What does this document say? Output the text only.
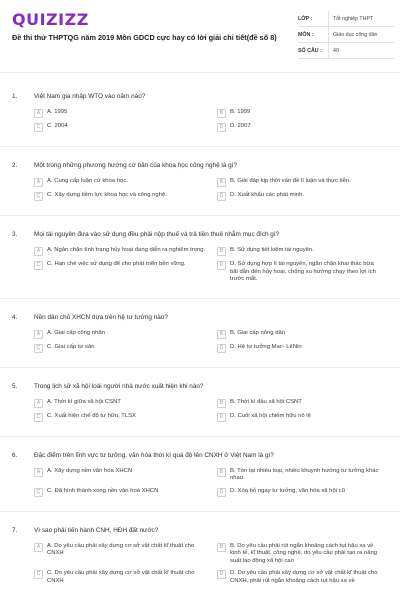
QUIZIZZ
Đề thi thử THPTQG năm 2019 Môn GDCD cực hay có lời giải chi tiết(đề số 8)
LỚP :	Tốt nghiệp THPT
MÔN :	Giáo dục công dân
SỐ CÂU :	40
1.	Việt Nam gia nhập WTO vào năm nào?
A	A. 1995	B	B. 1999
C	C. 2004	D	D. 2007
2.	Một trong những phương hướng cơ bản của khoa học công nghệ là gì?
A	A. Cung cấp luận cứ khoa học.	B	B. Giải đáp kịp thời vấn đề lí luận và thực tiễn.
C	C. Xây dựng tiềm lực khoa học và công nghệ.	D	D. Xuất khẩu các phát minh.
3.	Mọi tài nguyên đưa vào sử dụng đều phải nộp thuế và trả tiền thuê nhằm mục đích gì?
A	A. Ngăn chặn tình trạng hủy hoại đang diễn ra nghiêm trọng.	B	B. Sử dụng tiết kiệm tài nguyên.
C	C. Hạn chế việc sử dụng để cho phát triển bền vững.	D	D. Sử dụng hợp lí tài nguyên, ngăn chặn khai thác bừa bãi dẫn đến hủy hoại, chống xu hướng chạy theo lợi ích trước mắt.
4.	Nền dân chủ XHCN dựa trên hệ tư tưởng nào?
A	A. Giai cấp công nhân	B	B. Giai cấp nông dân
C	C. Giai cấp tư sản	D	D. Hệ tư tưởng Mac- LêNin
5.	Trong lịch sử xã hội loài người nhà nước xuất hiện khi nào?
A	A. Thời kì giữa xã hội CSNT	B	B. Thời kì đầu xã hội CSNT
C	C. Xuất hiện chế độ tư hữu, TLSX	D	D. Cuối xã hội chiếm hữu nô lệ
6.	Đặc điểm trên lĩnh vực tư tưởng, văn hóa thời kì quá độ lên CNXH ở Việt Nam là gì?
A	A. Xây dựng nền văn hóa XHCN	B	B. Tồn tại nhiều loại, nhiều khuynh hướng tư tưởng khác nhau
C	C. Đã hình thành xong nền văn hoá XHCN	D	D. Xóa bỏ ngay tư tưởng, văn hóa xã hội cũ
7.	Vì sao phải tiến hành CNH, HĐH đất nước?
A	A. Do yêu cầu phải xây dựng cơ sở vật chất kĩ thuật cho CNXH
B	B. Do yêu cầu phải rút ngắn khoảng cách tụt hậu xa về kinh tế, kĩ thuật, công nghệ, do yêu cầu phải tạo ra năng suất lao động xã hội cao
C	C. Do yêu cầu phải xây dựng cơ sở vật chất kĩ thuật cho CNXH
D	D. Do yêu cầu phải xây dựng cơ sở vật chất kĩ thuật cho CNXH, phải rút ngắn khoảng cách tụt hậu xa về
